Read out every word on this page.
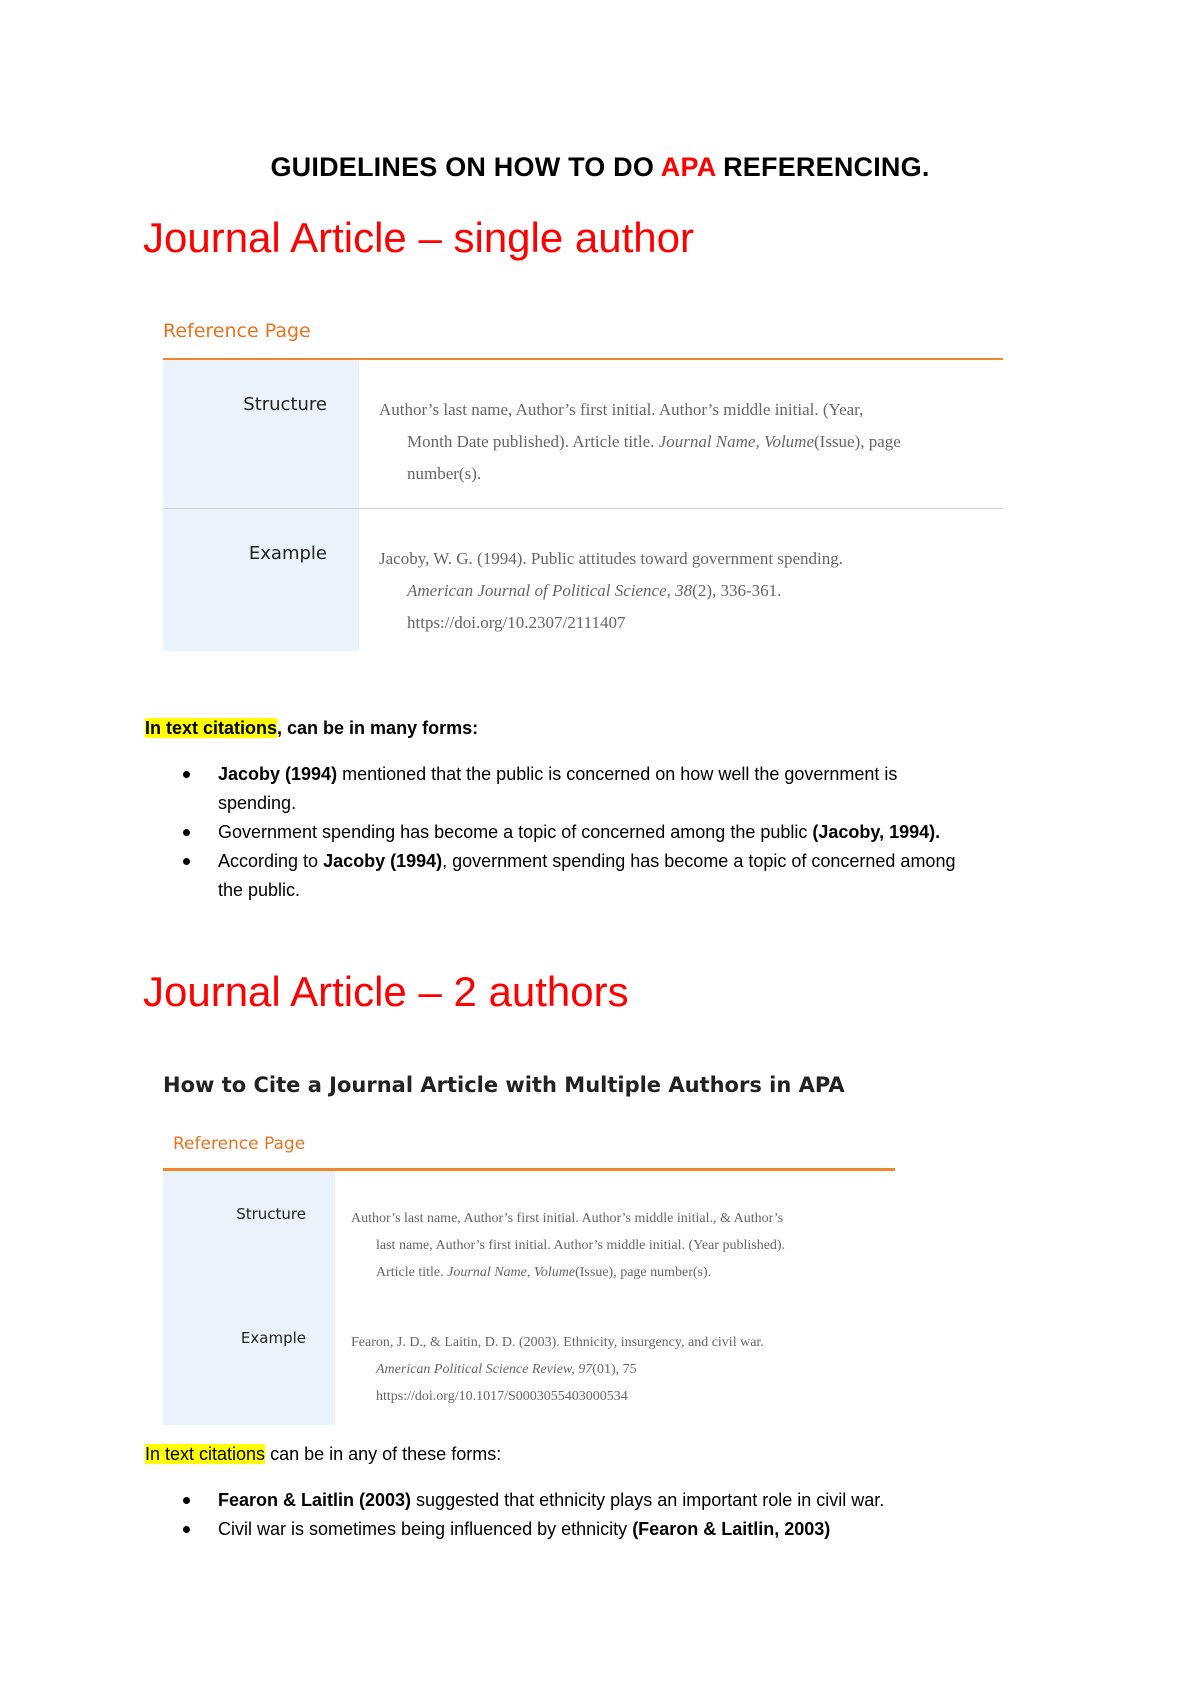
GUIDELINES ON HOW TO DO APA REFERENCING.
Journal Article – single author
Reference Page
Structure	Author’s last name, Author’s first initial. Author’s middle initial. (Year,
Month Date published). Article title. Journal Name, Volume(Issue), page
number(s).
Example	Jacoby, W. G. (1994). Public attitudes toward government spending.
American Journal of Political Science, 38(2), 336-361.
https://doi.org/10.2307/2111407
In text citations, can be in many forms:
Jacoby (1994) mentioned that the public is concerned on how well the government is
spending.
Government spending has become a topic of concerned among the public (Jacoby, 1994).
According to Jacoby (1994), government spending has become a topic of concerned among
the public.
Journal Article – 2 authors
How to Cite a Journal Article with Multiple Authors in APA
Reference Page
Structure	Author’s last name, Author’s first initial. Author’s middle initial., & Author’s
last name, Author’s first initial. Author’s middle initial. (Year published).
Article title. Journal Name, Volume(Issue), page number(s).
Example	Fearon, J. D., & Laitin, D. D. (2003). Ethnicity, insurgency, and civil war.
American Political Science Review, 97(01), 75
https://doi.org/10.1017/S0003055403000534
In text citations can be in any of these forms:
Fearon & Laitlin (2003) suggested that ethnicity plays an important role in civil war.
Civil war is sometimes being influenced by ethnicity (Fearon & Laitlin, 2003)
